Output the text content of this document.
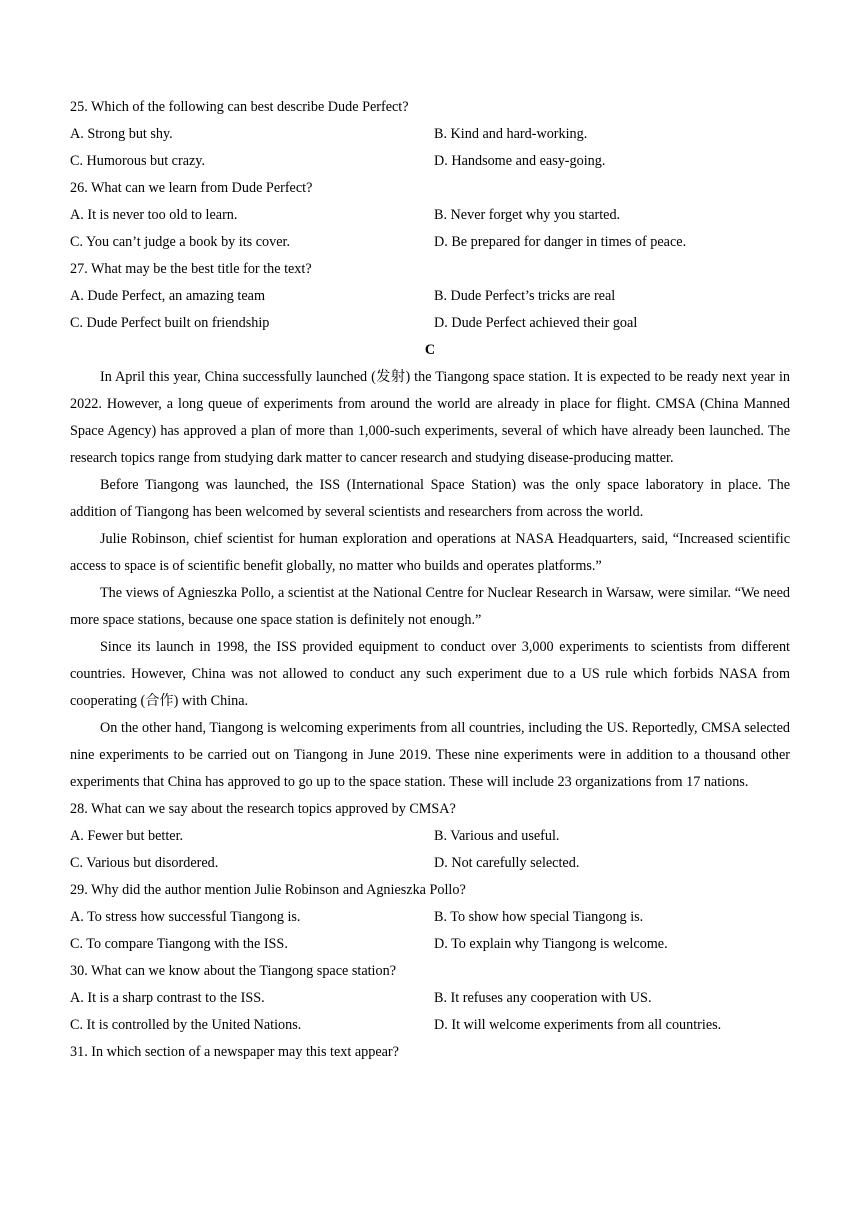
25. Which of the following can best describe Dude Perfect?
A. Strong but shy.	B. Kind and hard-working.
C. Humorous but crazy.	D. Handsome and easy-going.
26. What can we learn from Dude Perfect?
A. It is never too old to learn.	B. Never forget why you started.
C. You can’t judge a book by its cover.	D. Be prepared for danger in times of peace.
27. What may be the best title for the text?
A. Dude Perfect, an amazing team	B. Dude Perfect’s tricks are real
C. Dude Perfect built on friendship	D. Dude Perfect achieved their goal
C

In April this year, China successfully launched (发射) the Tiangong space station. It is expected to be ready next year in 2022. However, a long queue of experiments from around the world are already in place for flight. CMSA (China Manned Space Agency) has approved a plan of more than 1,000-such experiments, several of which have already been launched. The research topics range from studying dark matter to cancer research and studying disease-producing matter.

Before Tiangong was launched, the ISS (International Space Station) was the only space laboratory in place. The addition of Tiangong has been welcomed by several scientists and researchers from across the world.

Julie Robinson, chief scientist for human exploration and operations at NASA Headquarters, said, “Increased scientific access to space is of scientific benefit globally, no matter who builds and operates platforms.”

The views of Agnieszka Pollo, a scientist at the National Centre for Nuclear Research in Warsaw, were similar. “We need more space stations, because one space station is definitely not enough.”

Since its launch in 1998, the ISS provided equipment to conduct over 3,000 experiments to scientists from different countries. However, China was not allowed to conduct any such experiment due to a US rule which forbids NASA from cooperating (合作) with China.

On the other hand, Tiangong is welcoming experiments from all countries, including the US. Reportedly, CMSA selected nine experiments to be carried out on Tiangong in June 2019. These nine experiments were in addition to a thousand other experiments that China has approved to go up to the space station. These will include 23 organizations from 17 nations.

28. What can we say about the research topics approved by CMSA?
A. Fewer but better.	B. Various and useful.
C. Various but disordered.	D. Not carefully selected.
29. Why did the author mention Julie Robinson and Agnieszka Pollo?
A. To stress how successful Tiangong is.	B. To show how special Tiangong is.
C. To compare Tiangong with the ISS.	D. To explain why Tiangong is welcome.
30. What can we know about the Tiangong space station?
A. It is a sharp contrast to the ISS.	B. It refuses any cooperation with US.
C. It is controlled by the United Nations.	D. It will welcome experiments from all countries.
31. In which section of a newspaper may this text appear?
